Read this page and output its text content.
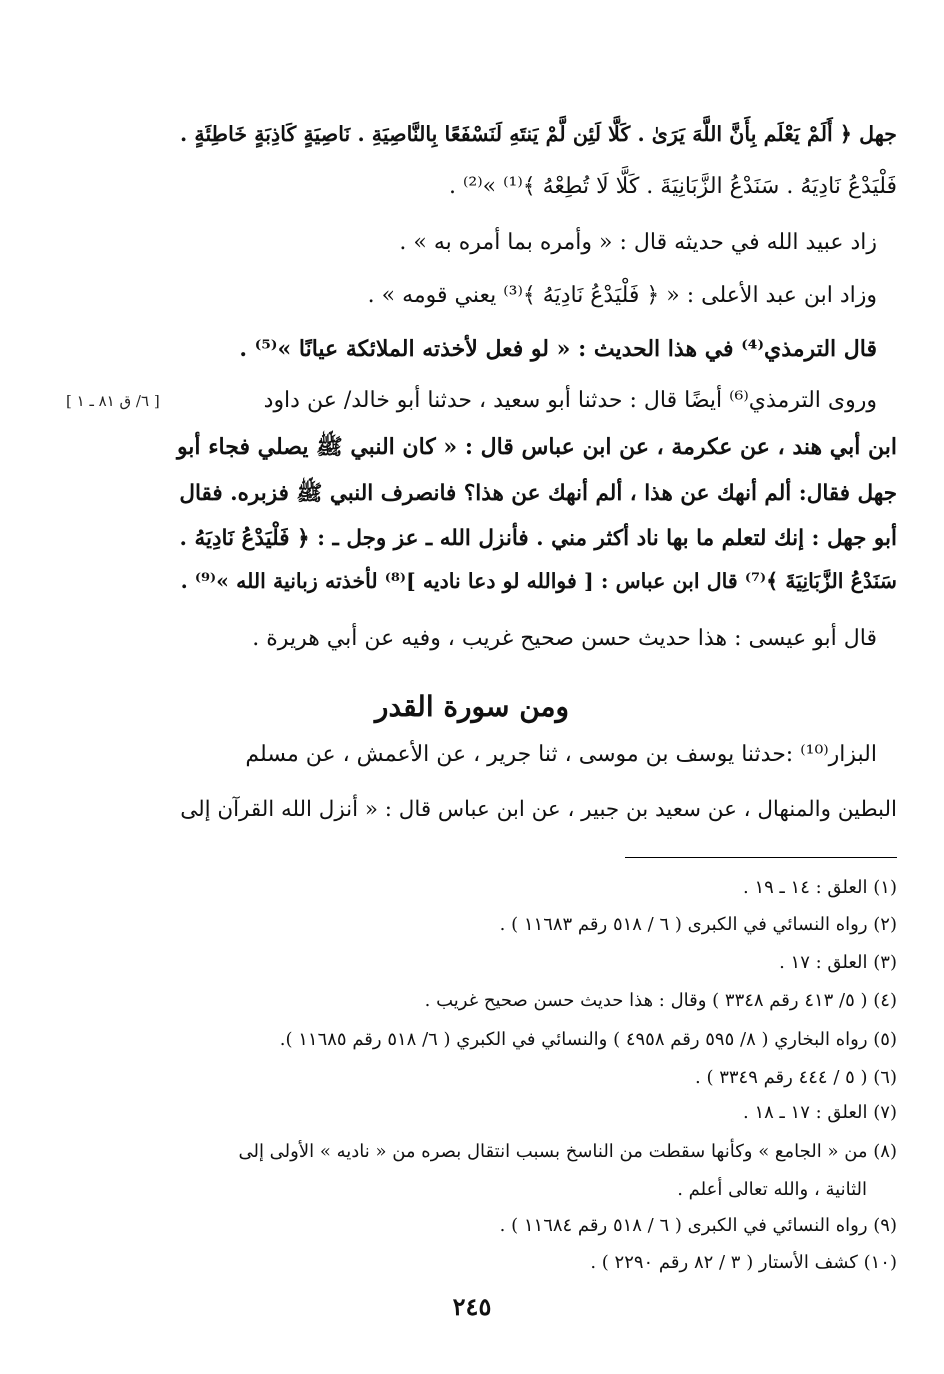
جهل ﴿ أَلَمْ يَعْلَم بِأَنَّ اللَّهَ يَرَىٰ . كَلَّا لَئِن لَّمْ يَنتَهِ لَنَسْفَعًا بِالنَّاصِيَةِ . نَاصِيَةٍ كَاذِبَةٍ خَاطِئَةٍ .
فَلْيَدْعُ نَادِيَهُ . سَنَدْعُ الزَّبَانِيَةَ . كَلَّا لَا تُطِعْهُ ﴾⁽¹⁾ »⁽²⁾ .
زاد عبيد الله في حديثه قال : « وأمره بما أمره به » .
وزاد ابن عبد الأعلى : « ﴿ فَلْيَدْعُ نَادِيَهُ ﴾⁽³⁾ يعني قومه » .
قال الترمذي⁽⁴⁾ في هذا الحديث : « لو فعل لأخذته الملائكة عيانًا »⁽⁵⁾ .
وروى الترمذي⁽⁶⁾ أيضًا قال : حدثنا أبو سعيد ، حدثنا أبو خالد/ عن داود
ابن أبي هند ، عن عكرمة ، عن ابن عباس قال : « كان النبي ﷺ يصلي فجاء أبو
جهل فقال: ألم أنهك عن هذا ، ألم أنهك عن هذا؟ فانصرف النبي ﷺ فزبره. فقال
أبو جهل : إنك لتعلم ما بها ناد أكثر مني . فأنزل الله ـ عز وجل ـ : ﴿ فَلْيَدْعُ نَادِيَهُ .
سَنَدْعُ الزَّبَانِيَةَ ﴾⁽⁷⁾ قال ابن عباس : [ فوالله لو دعا ناديه ]⁽⁸⁾ لأخذته زبانية الله »⁽⁹⁾ .
قال أبو عيسى : هذا حديث حسن صحيح غريب ، وفيه عن أبي هريرة .
البزار⁽¹⁰⁾ :حدثنا يوسف بن موسى ، ثنا جرير ، عن الأعمش ، عن مسلم
البطين والمنهال ، عن سعيد بن جبير ، عن ابن عباس قال : « أنزل الله القرآن إلى
[ ٦/ ق ٨١ ـ ١ ]
ومن سورة القدر
(١) العلق : ١٤ ـ ١٩ .
(٢) رواه النسائي في الكبرى ( ٦ / ٥١٨ رقم ١١٦٨٣ ) .
(٣) العلق : ١٧ .
(٤) ( ٥/ ٤١٣ رقم ٣٣٤٨ ) وقال : هذا حديث حسن صحيح غريب .
(٥) رواه البخاري ( ٨/ ٥٩٥ رقم ٤٩٥٨ ) والنسائي في الكبري ( ٦/ ٥١٨ رقم ١١٦٨٥ ).
(٦) ( ٥ / ٤٤٤ رقم ٣٣٤٩ ) .
(٧) العلق : ١٧ ـ ١٨ .
(٨) من « الجامع » وكأنها سقطت من الناسخ بسبب انتقال بصره من « ناديه » الأولى إلى
الثانية ، والله تعالى أعلم .
(٩) رواه النسائي في الكبرى ( ٦ / ٥١٨ رقم ١١٦٨٤ ) .
(١٠) كشف الأستار ( ٣ / ٨٢ رقم ٢٢٩٠ ) .
٢٤٥
